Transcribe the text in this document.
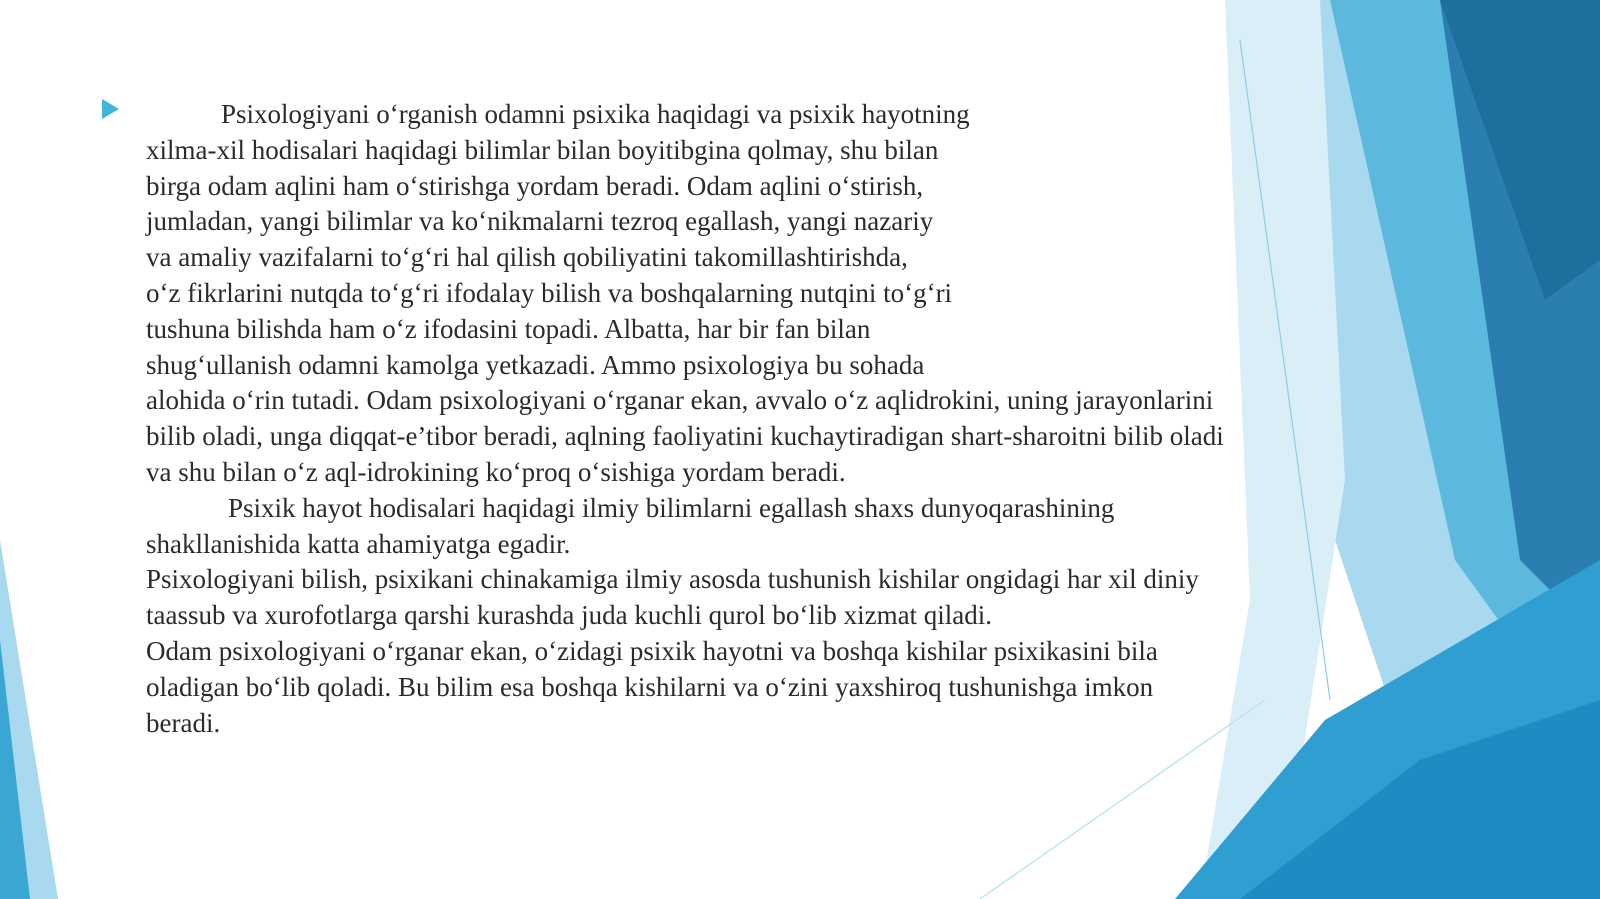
Psixologiyani o‘rganish odamni psixika haqidagi va psixik hayotning
xilma-xil hodisalari haqidagi bilimlar bilan boyitibgina qolmay, shu bilan
birga odam aqlini ham o‘stirishga yordam beradi. Odam aqlini o‘stirish,
jumladan, yangi bilimlar va ko‘nikmalarni tezroq egallash, yangi nazariy
va amaliy vazifalarni to‘g‘ri hal qilish qobiliyatini takomillashtirishda,
o‘z fikrlarini nutqda to‘g‘ri ifodalay bilish va boshqalarning nutqini to‘g‘ri
tushuna bilishda ham o‘z ifodasini topadi. Albatta, har bir fan bilan
shug‘ullanish odamni kamolga yetkazadi. Ammo psixologiya bu sohada
alohida o‘rin tutadi. Odam psixologiyani o‘rganar ekan, avvalo o‘z aqlidrokini, uning jarayonlarini
bilib oladi, unga diqqat-e’tibor beradi, aqlning faoliyatini kuchaytiradigan shart-sharoitni bilib oladi
va shu bilan o‘z aql-idrokining ko‘proq o‘sishiga yordam beradi.
Psixik hayot hodisalari haqidagi ilmiy bilimlarni egallash shaxs dunyoqarashining
shakllanishida katta ahamiyatga egadir.
Psixologiyani bilish, psixikani chinakamiga ilmiy asosda tushunish kishilar ongidagi har xil diniy
taassub va xurofotlarga qarshi kurashda juda kuchli qurol bo‘lib xizmat qiladi.
Odam psixologiyani o‘rganar ekan, o‘zidagi psixik hayotni va boshqa kishilar psixikasini bila
oladigan bo‘lib qoladi. Bu bilim esa boshqa kishilarni va o‘zini yaxshiroq tushunishga imkon
beradi.
